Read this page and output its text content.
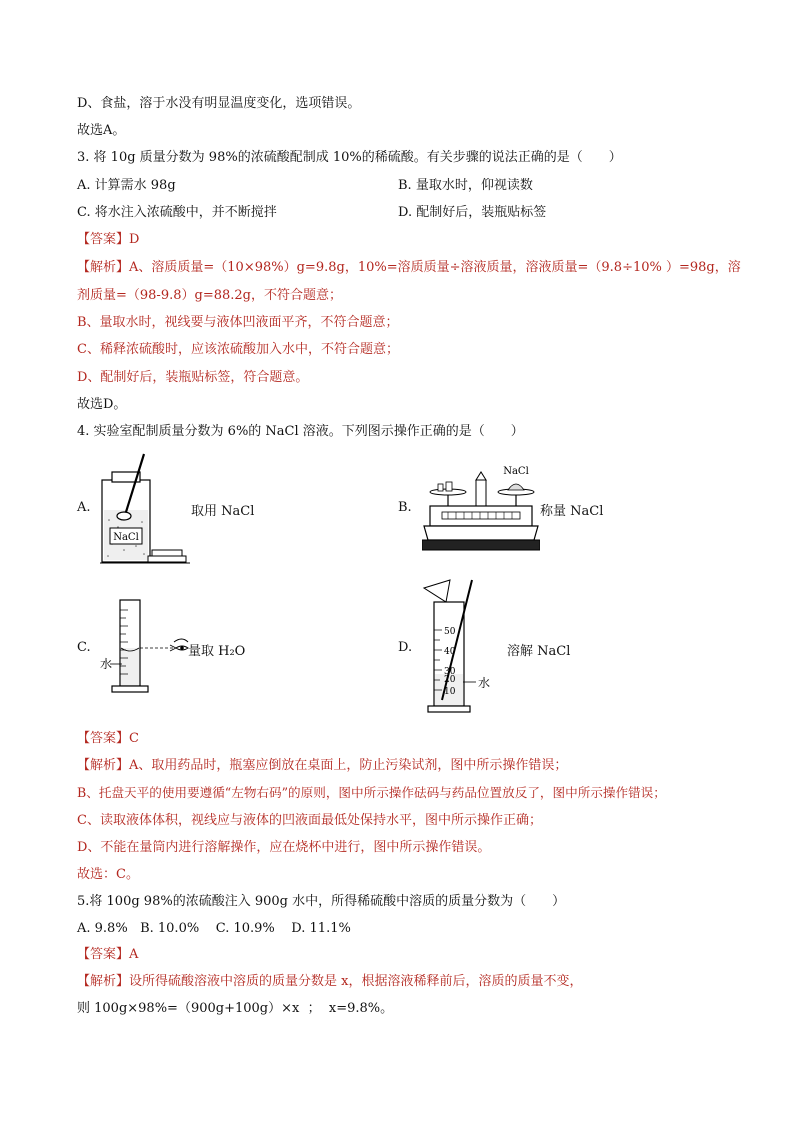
D、食盐，溶于水没有明显温度变化，选项错误。
故选A。
3. 将 10g 质量分数为 98%的浓硫酸配制成 10%的稀硫酸。有关步骤的说法正确的是（　　）
A. 计算需水 98g	B. 量取水时，仰视读数
C. 将水注入浓硫酸中，并不断搅拌	D. 配制好后，装瓶贴标签
【答案】D
【解析】A、溶质质量=（10×98%）g=9.8g，10%=溶质质量÷溶液质量，溶液质量=（9.8÷10% ）=98g，溶
剂质量=（98-9.8）g=88.2g，不符合题意；
B、量取水时，视线要与液体凹液面平齐，不符合题意；
C、稀释浓硫酸时，应该浓硫酸加入水中，不符合题意；
D、配制好后，装瓶贴标签，符合题意。
故选D。
4. 实验室配制质量分数为 6%的 NaCl 溶液。下列图示操作正确的是（　　）
A.
NaCl
取用 NaCl	B.
NaCl
称量 NaCl
C.
水
量取 H₂O	D.
50
40
30
20
10
水
溶解 NaCl
【答案】C
【解析】A、取用药品时，瓶塞应倒放在桌面上，防止污染试剂，图中所示操作错误；
B、托盘天平的使用要遵循“左物右码”的原则，图中所示操作砝码与药品位置放反了，图中所示操作错误；
C、读取液体体积，视线应与液体的凹液面最低处保持水平，图中所示操作正确；
D、不能在量筒内进行溶解操作，应在烧杯中进行，图中所示操作错误。
故选：C。
5.将 100g 98%的浓硫酸注入 900g 水中，所得稀硫酸中溶质的质量分数为（　　）
A. 9.8%   B. 10.0%    C. 10.9%    D. 11.1%
【答案】A
【解析】设所得硫酸溶液中溶质的质量分数是 x，根据溶液稀释前后，溶质的质量不变，
则 100g×98%=（900g+100g）×x  ；  x=9.8%。
